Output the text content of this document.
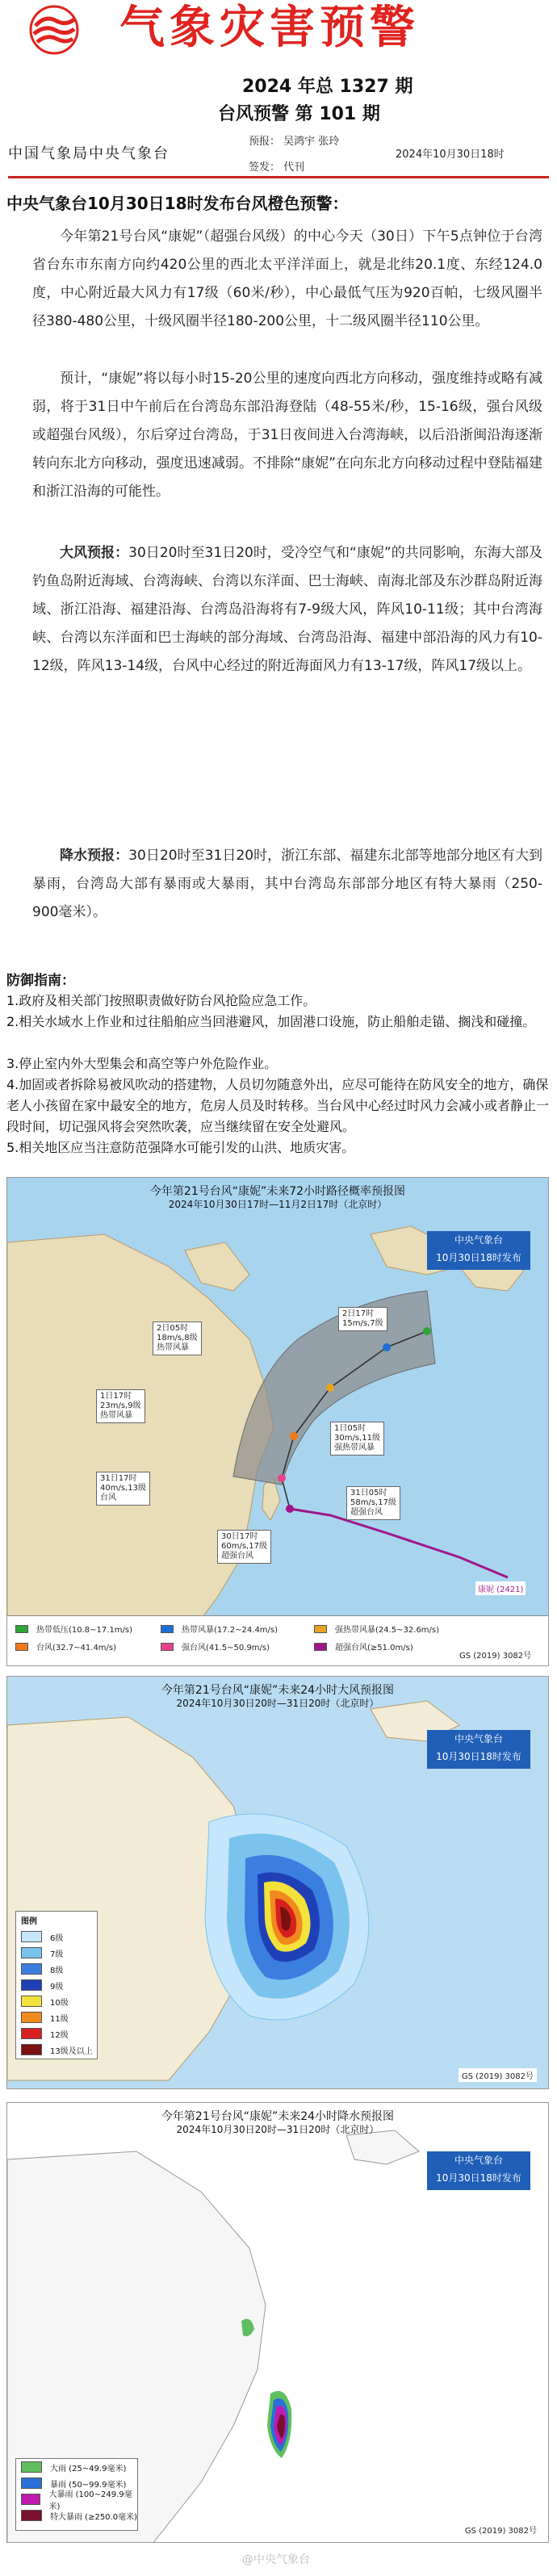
气象灾害预警
2024 年总 1327 期
台风预警 第 101 期
中国气象局中央气象台
预报： 吴鸿宇 张玲
签发： 代刊
2024年10月30日18时
中央气象台10月30日18时发布台风橙色预警：
今年第21号台风“康妮”（超强台风级）的中心今天（30日）下午5点钟位于台湾省台东市东南方向约420公里的西北太平洋洋面上，就是北纬20.1度、东经124.0度，中心附近最大风力有17级（60米/秒），中心最低气压为920百帕，七级风圈半径380-480公里，十级风圈半径180-200公里，十二级风圈半径110公里。
预计，“康妮”将以每小时15-20公里的速度向西北方向移动，强度维持或略有减弱，将于31日中午前后在台湾岛东部沿海登陆（48-55米/秒，15-16级，强台风级或超强台风级），尔后穿过台湾岛，于31日夜间进入台湾海峡，以后沿浙闽沿海逐渐转向东北方向移动，强度迅速减弱。不排除“康妮”在向东北方向移动过程中登陆福建和浙江沿海的可能性。
大风预报：30日20时至31日20时，受冷空气和“康妮”的共同影响，东海大部及钓鱼岛附近海域、台湾海峡、台湾以东洋面、巴士海峡、南海北部及东沙群岛附近海域、浙江沿海、福建沿海、台湾岛沿海将有7-9级大风，阵风10-11级；其中台湾海峡、台湾以东洋面和巴士海峡的部分海域、台湾岛沿海、福建中部沿海的风力有10-12级，阵风13-14级，台风中心经过的附近海面风力有13-17级，阵风17级以上。
降水预报：30日20时至31日20时，浙江东部、福建东北部等地部分地区有大到暴雨，台湾岛大部有暴雨或大暴雨，其中台湾岛东部部分地区有特大暴雨（250-900毫米）。
防御指南：
1.政府及相关部门按照职责做好防台风抢险应急工作。
2.相关水域水上作业和过往船舶应当回港避风，加固港口设施，防止船舶走锚、搁浅和碰撞。
3.停止室内外大型集会和高空等户外危险作业。
4.加固或者拆除易被风吹动的搭建物，人员切勿随意外出，应尽可能待在防风安全的地方，确保老人小孩留在家中最安全的地方，危房人员及时转移。当台风中心经过时风力会减小或者静止一段时间，切记强风将会突然吹袭，应当继续留在安全处避风。
5.相关地区应当注意防范强降水可能引发的山洪、地质灾害。
今年第21号台风“康妮”未来72小时路径概率预报图
2024年10月30日17时—11月2日17时（北京时）
中央气象台
10月30日18时发布
2日17时
15m/s,7级
2日05时
18m/s,8级
热带风暴
1日17时
23m/s,9级
热带风暴
1日05时
30m/s,11级
强热带风暴
31日17时
40m/s,13级
台风
31日05时
58m/s,17级
超强台风
30日17时
60m/s,17级
超强台风
康妮 (2421)
热带低压(10.8~17.1m/s)	热带风暴(17.2~24.4m/s)	强热带风暴(24.5~32.6m/s)
台风(32.7~41.4m/s)	强台风(41.5~50.9m/s)	超强台风(≥51.0m/s)
GS (2019) 3082号
今年第21号台风“康妮”未来24小时大风预报图
2024年10月30日20时—31日20时（北京时）
中央气象台
10月30日18时发布
图例
6级
7级
8级
9级
10级
11级
12级
13级及以上
GS (2019) 3082号
今年第21号台风“康妮”未来24小时降水预报图
2024年10月30日20时—31日20时（北京时）
中央气象台
10月30日18时发布
大雨 (25~49.9毫米)
暴雨 (50~99.9毫米)
大暴雨 (100~249.9毫米)
特大暴雨 (≥250.0毫米)
GS (2019) 3082号
@中央气象台
